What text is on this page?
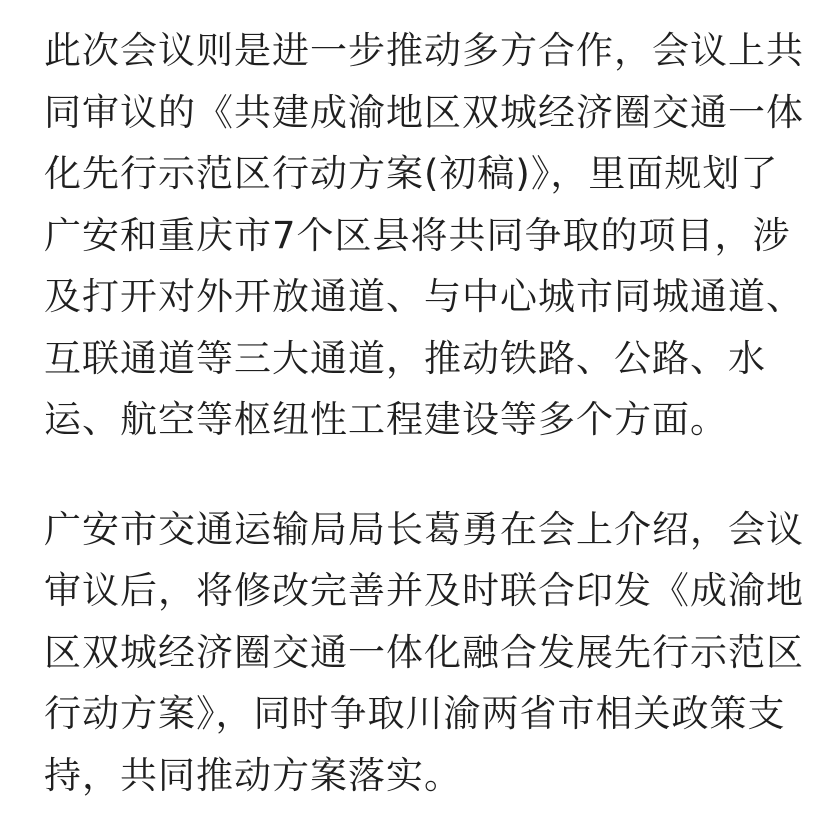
此次会议则是进一步推动多方合作，会议上共
同审议的《共建成渝地区双城经济圈交通一体
化先行示范区行动方案(初稿)》，里面规划了
广安和重庆市7个区县将共同争取的项目，涉
及打开对外开放通道、与中心城市同城通道、
互联通道等三大通道，推动铁路、公路、水
运、航空等枢纽性工程建设等多个方面。

广安市交通运输局局长葛勇在会上介绍，会议
审议后，将修改完善并及时联合印发《成渝地
区双城经济圈交通一体化融合发展先行示范区
行动方案》，同时争取川渝两省市相关政策支
持，共同推动方案落实。
